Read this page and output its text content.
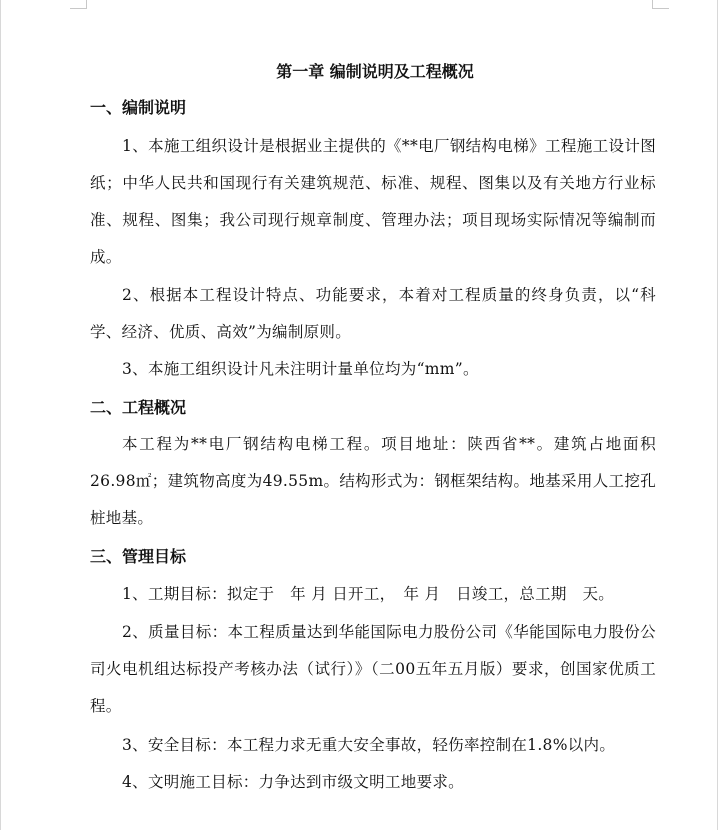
第一章 编制说明及工程概况
一、编制说明
1、本施工组织设计是根据业主提供的《**电厂钢结构电梯》工程施工设计图纸；中华人民共和国现行有关建筑规范、标准、规程、图集以及有关地方行业标准、规程、图集；我公司现行规章制度、管理办法；项目现场实际情况等编制而成。
2、根据本工程设计特点、功能要求，本着对工程质量的终身负责，以“科学、经济、优质、高效”为编制原则。
3、本施工组织设计凡未注明计量单位均为“mm”。
二、工程概况
本工程为**电厂钢结构电梯工程。项目地址：陕西省**。建筑占地面积26.98㎡；建筑物高度为49.55m。结构形式为：钢框架结构。地基采用人工挖孔桩地基。
三、管理目标
1、工期目标：拟定于　年 月 日开工，　年 月　日竣工，总工期　天。
2、质量目标：本工程质量达到华能国际电力股份公司《华能国际电力股份公司火电机组达标投产考核办法（试行）》（二00五年五月版）要求，创国家优质工程。
3、安全目标：本工程力求无重大安全事故，轻伤率控制在1.8%以内。
4、文明施工目标：力争达到市级文明工地要求。
